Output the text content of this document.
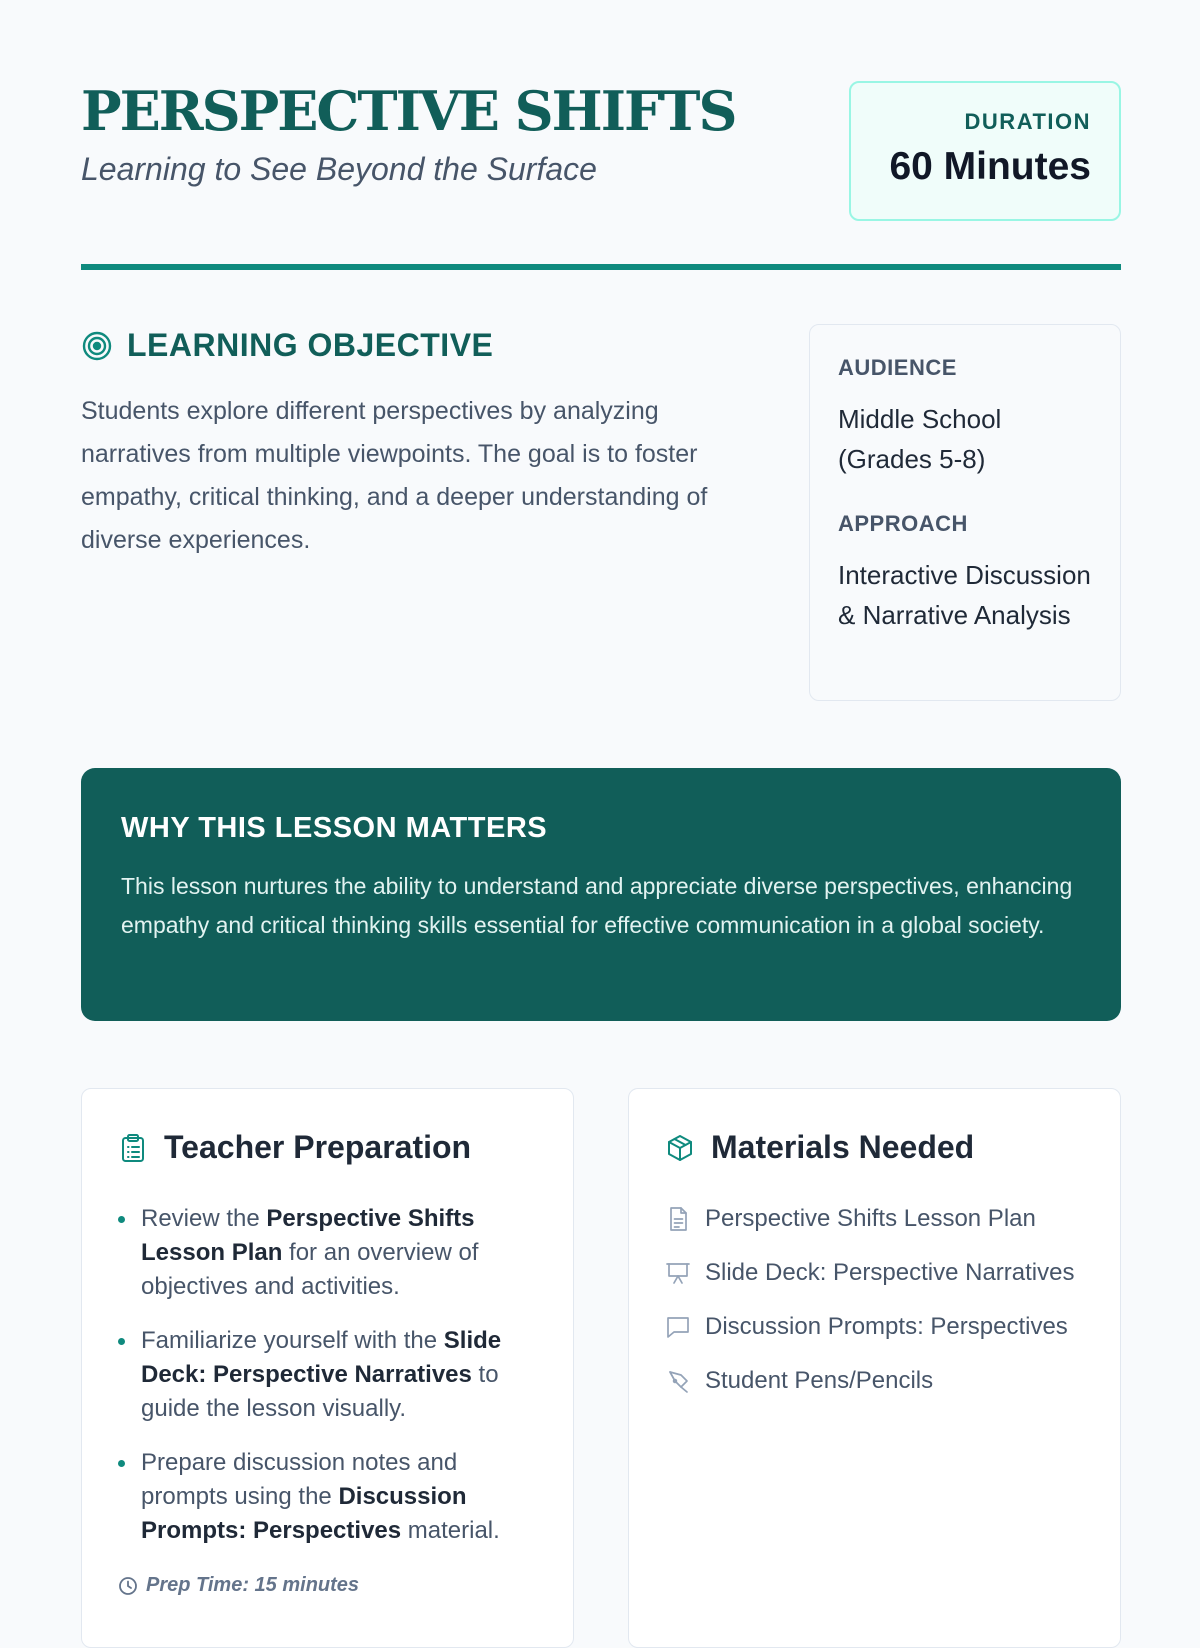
PERSPECTIVE SHIFTS

Learning to See Beyond the Surface

DURATION
60 Minutes
LEARNING OBJECTIVE

Students explore different perspectives by analyzing narratives from multiple viewpoints. The goal is to foster empathy, critical thinking, and a deeper understanding of diverse experiences.

AUDIENCE
Middle School (Grades 5-8)
APPROACH
Interactive Discussion & Narrative Analysis
WHY THIS LESSON MATTERS

This lesson nurtures the ability to understand and appreciate diverse perspectives, enhancing empathy and critical thinking skills essential for effective communication in a global society.

Teacher Preparation
Review the Perspective Shifts Lesson Plan for an overview of objectives and activities.
Familiarize yourself with the Slide Deck: Perspective Narratives to guide the lesson visually.
Prepare discussion notes and prompts using the Discussion Prompts: Perspectives material.
Prep Time: 15 minutes
Materials Needed
Perspective Shifts Lesson Plan
Slide Deck: Perspective Narratives
Discussion Prompts: Perspectives
Student Pens/Pencils
